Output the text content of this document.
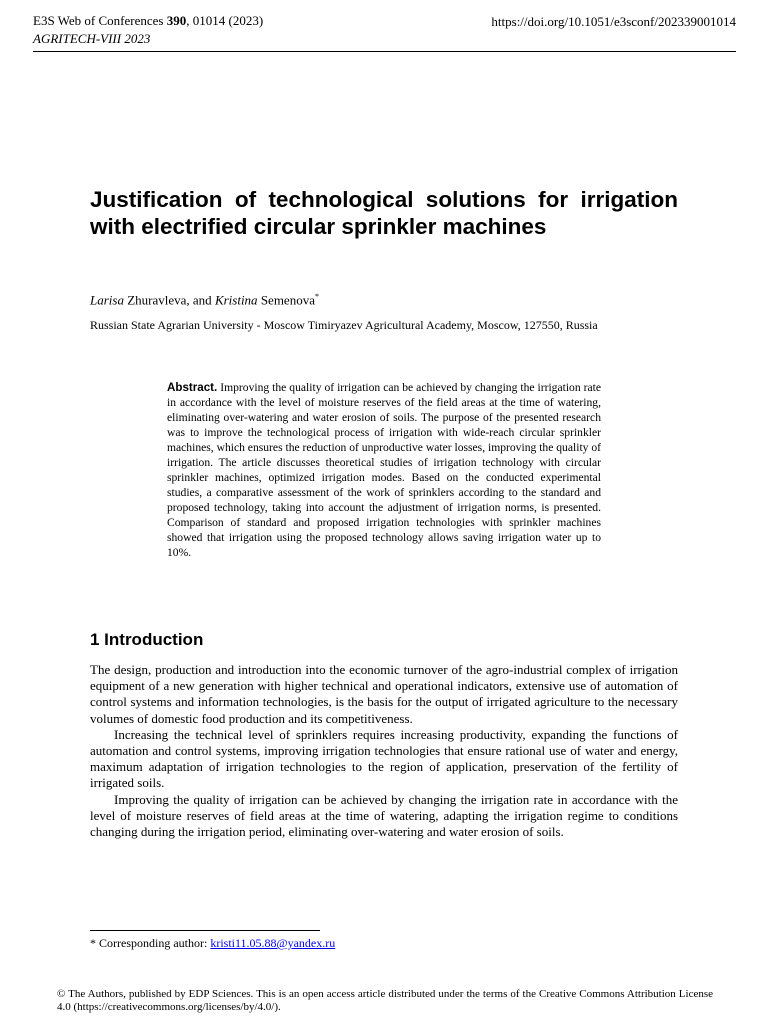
E3S Web of Conferences 390, 01014 (2023)
AGRITECH-VIII 2023
https://doi.org/10.1051/e3sconf/202339001014
Justification of technological solutions for irrigation with electrified circular sprinkler machines
Larisa Zhuravleva, and Kristina Semenova*
Russian State Agrarian University - Moscow Timiryazev Agricultural Academy, Moscow, 127550, Russia
Abstract. Improving the quality of irrigation can be achieved by changing the irrigation rate in accordance with the level of moisture reserves of the field areas at the time of watering, eliminating over-watering and water erosion of soils. The purpose of the presented research was to improve the technological process of irrigation with wide-reach circular sprinkler machines, which ensures the reduction of unproductive water losses, improving the quality of irrigation. The article discusses theoretical studies of irrigation technology with circular sprinkler machines, optimized irrigation modes. Based on the conducted experimental studies, a comparative assessment of the work of sprinklers according to the standard and proposed technology, taking into account the adjustment of irrigation norms, is presented. Comparison of standard and proposed irrigation technologies with sprinkler machines showed that irrigation using the proposed technology allows saving irrigation water up to 10%.
1 Introduction

The design, production and introduction into the economic turnover of the agro-industrial complex of irrigation equipment of a new generation with higher technical and operational indicators, extensive use of automation of control systems and information technologies, is the basis for the output of irrigated agriculture to the necessary volumes of domestic food production and its competitiveness.

Increasing the technical level of sprinklers requires increasing productivity, expanding the functions of automation and control systems, improving irrigation technologies that ensure rational use of water and energy, maximum adaptation of irrigation technologies to the region of application, preservation of the fertility of irrigated soils.

Improving the quality of irrigation can be achieved by changing the irrigation rate in accordance with the level of moisture reserves of field areas at the time of watering, adapting the irrigation regime to conditions changing during the irrigation period, eliminating over-watering and water erosion of soils.

* Corresponding author: kristi11.05.88@yandex.ru
© The Authors, published by EDP Sciences. This is an open access article distributed under the terms of the Creative Commons Attribution License 4.0 (https://creativecommons.org/licenses/by/4.0/).
